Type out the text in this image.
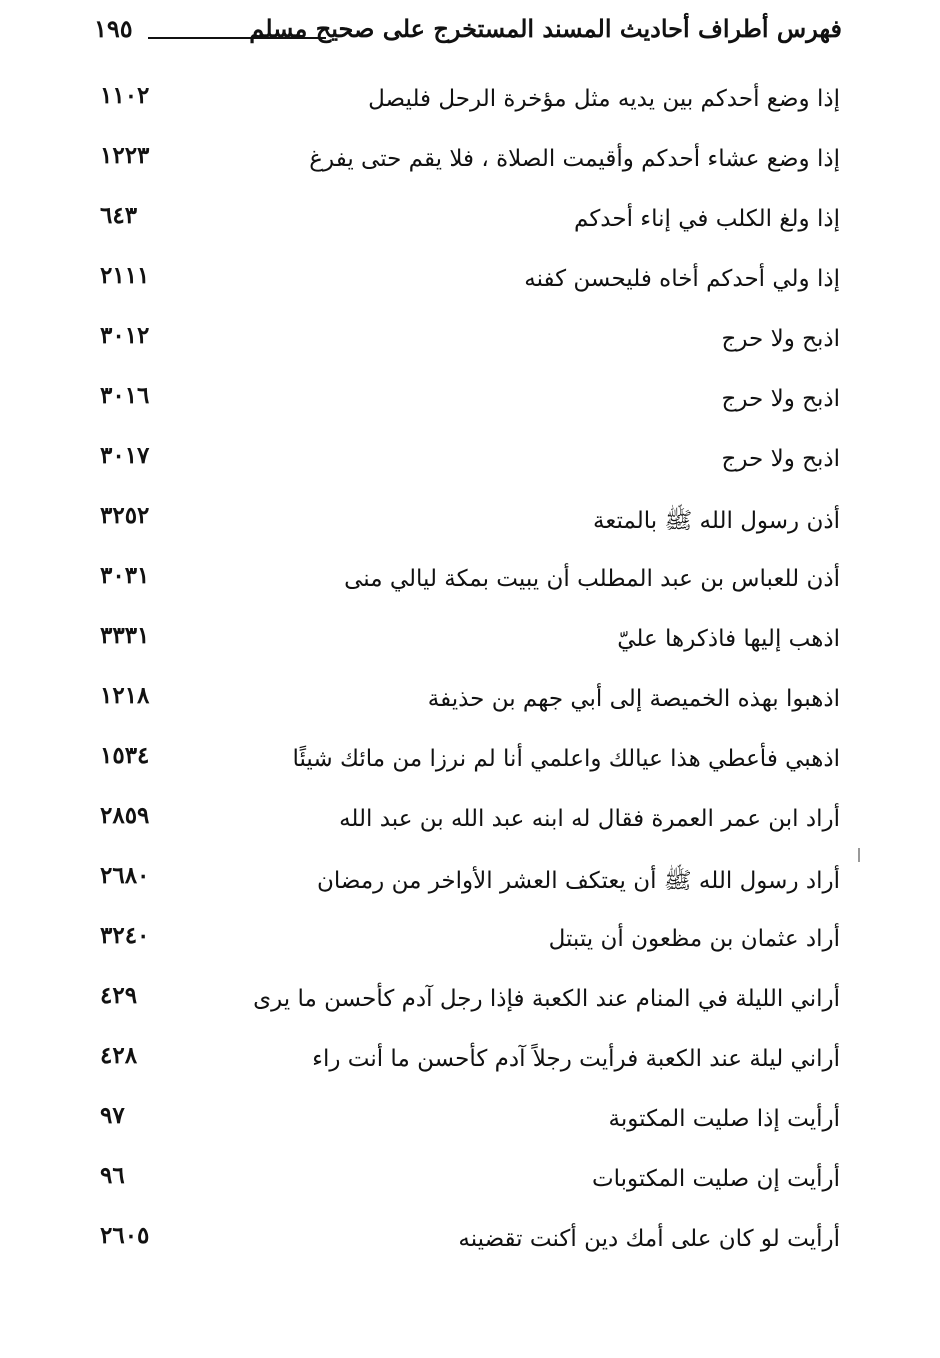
فهرس أطراف أحاديث المسند المستخرج على صحيح مسلم
١٩٥
إذا وضع أحدكم بين يديه مثل مؤخرة الرحل فليصل
١١٠٢
إذا وضع عشاء أحدكم وأقيمت الصلاة ، فلا يقم حتى يفرغ
١٢٢٣
إذا ولغ الكلب في إناء أحدكم
٦٤٣
إذا ولي أحدكم أخاه فليحسن كفنه
٢١١١
اذبح ولا حرج
٣٠١٢
اذبح ولا حرج
٣٠١٦
اذبح ولا حرج
٣٠١٧
أذن رسول الله ﷺ بالمتعة
٣٢٥٢
أذن للعباس بن عبد المطلب أن يبيت بمكة ليالي منى
٣٠٣١
اذهب إليها فاذكرها عليّ
٣٣٣١
اذهبوا بهذه الخميصة إلى أبي جهم بن حذيفة
١٢١٨
اذهبي فأعطي هذا عيالك واعلمي أنا لم نرزا من مائك شيئًا
١٥٣٤
أراد ابن عمر العمرة فقال له ابنه عبد الله بن عبد الله
٢٨٥٩
أراد رسول الله ﷺ أن يعتكف العشر الأواخر من رمضان
٢٦٨٠
أراد عثمان بن مظعون أن يتبتل
٣٢٤٠
أراني الليلة في المنام عند الكعبة فإذا رجل آدم كأحسن ما يرى
٤٢٩
أراني ليلة عند الكعبة فرأيت رجلاً آدم كأحسن ما أنت راء
٤٢٨
أرأيت إذا صليت المكتوبة
٩٧
أرأيت إن صليت المكتوبات
٩٦
أرأيت لو كان على أمك دين أكنت تقضينه
٢٦٠٥
